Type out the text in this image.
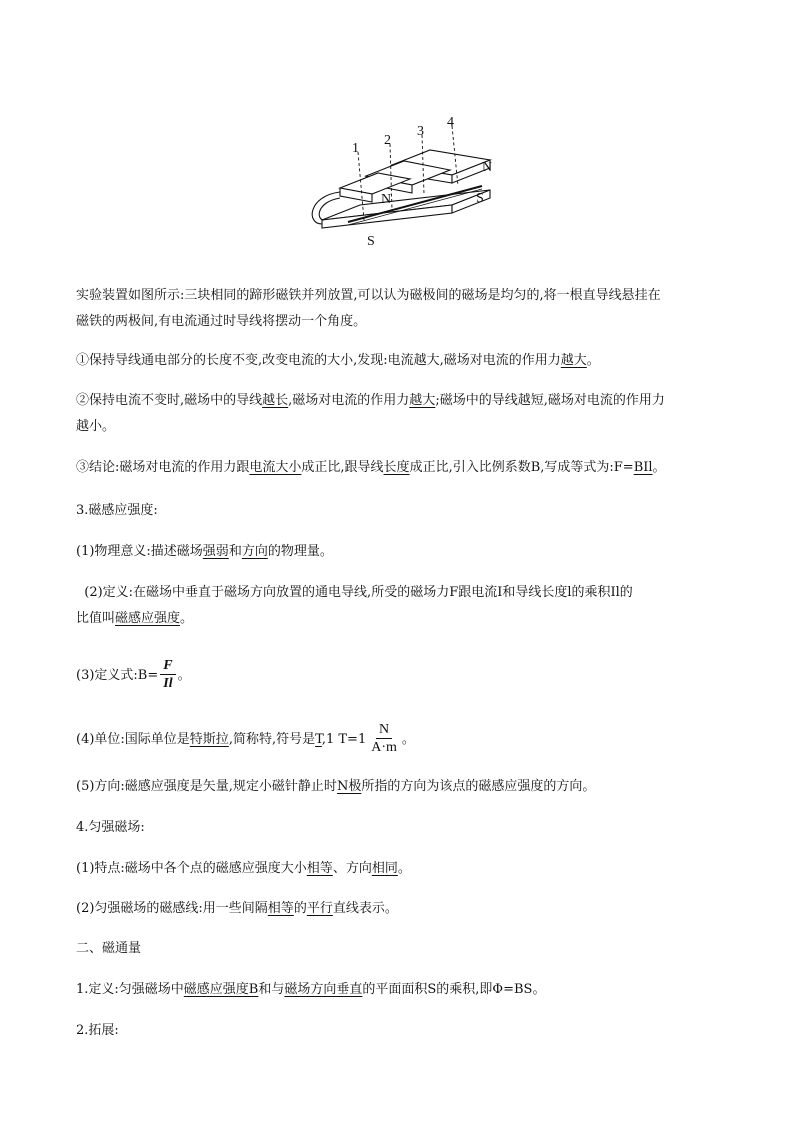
1
2
3
4
N
N	S
S

实验装置如图所示:三块相同的蹄形磁铁并列放置,可以认为磁极间的磁场是均匀的,将一根直导线悬挂在

磁铁的两极间,有电流通过时导线将摆动一个角度。

①保持导线通电部分的长度不变,改变电流的大小,发现:电流越大,磁场对电流的作用力越大。

②保持电流不变时,磁场中的导线越长,磁场对电流的作用力越大;磁场中的导线越短,磁场对电流的作用力

越小。

③结论:磁场对电流的作用力跟电流大小成正比,跟导线长度成正比,引入比例系数B,写成等式为:F=BIl。

3.磁感应强度:

(1)物理意义:描述磁场强弱和方向的物理量。

(2)定义:在磁场中垂直于磁场方向放置的通电导线,所受的磁场力F跟电流I和导线长度l的乘积Il的

比值叫磁感应强度。

(3)定义式:B= $\frac{F}{Il}$ 。

(4)单位:国际单位是特斯拉,简称特,符号是T,1 $T=1 \frac{N}{A\cdot m}$ 。

(5)方向:磁感应强度是矢量,规定小磁针静止时N极所指的方向为该点的磁感应强度的方向。

4.匀强磁场:

(1)特点:磁场中各个点的磁感应强度大小相等、方向相同。

(2)匀强磁场的磁感线:用一些间隔相等的平行直线表示。

二、磁通量

1.定义:匀强磁场中磁感应强度B和与磁场方向垂直的平面面积S的乘积,即Φ=BS。

2.拓展:
